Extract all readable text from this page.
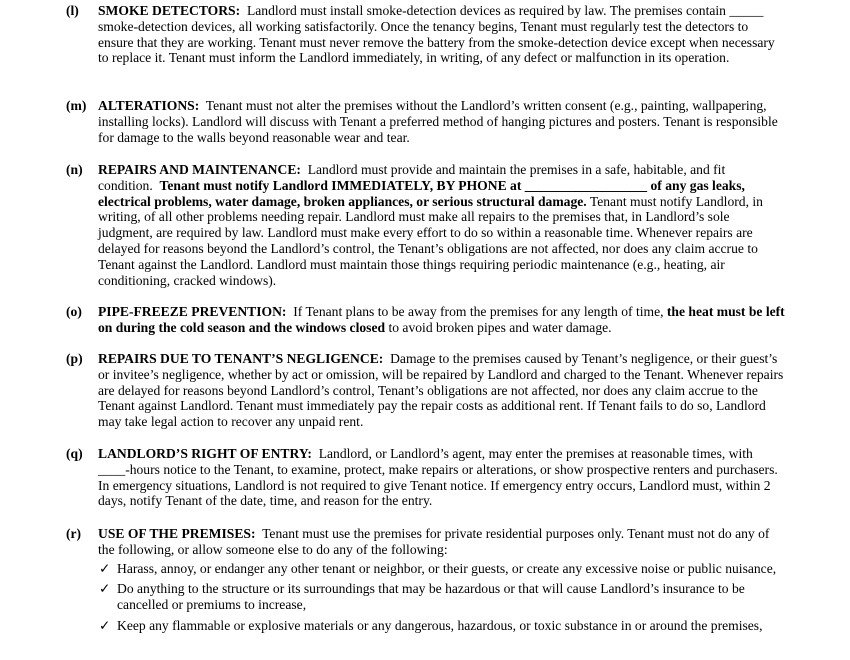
(l) SMOKE DETECTORS: Landlord must install smoke-detection devices as required by law. The premises contain _____ smoke-detection devices, all working satisfactorily. Once the tenancy begins, Tenant must regularly test the detectors to ensure that they are working. Tenant must never remove the battery from the smoke-detection device except when necessary to replace it. Tenant must inform the Landlord immediately, in writing, of any defect or malfunction in its operation.
(m) ALTERATIONS: Tenant must not alter the premises without the Landlord’s written consent (e.g., painting, wallpapering, installing locks). Landlord will discuss with Tenant a preferred method of hanging pictures and posters. Tenant is responsible for damage to the walls beyond reasonable wear and tear.
(n) REPAIRS AND MAINTENANCE: Landlord must provide and maintain the premises in a safe, habitable, and fit condition. Tenant must notify Landlord IMMEDIATELY, BY PHONE at __________________ of any gas leaks, electrical problems, water damage, broken appliances, or serious structural damage. Tenant must notify Landlord, in writing, of all other problems needing repair. Landlord must make all repairs to the premises that, in Landlord’s sole judgment, are required by law. Landlord must make every effort to do so within a reasonable time. Whenever repairs are delayed for reasons beyond the Landlord’s control, the Tenant’s obligations are not affected, nor does any claim accrue to Tenant against the Landlord. Landlord must maintain those things requiring periodic maintenance (e.g., heating, air conditioning, cracked windows).
(o) PIPE-FREEZE PREVENTION: If Tenant plans to be away from the premises for any length of time, the heat must be left on during the cold season and the windows closed to avoid broken pipes and water damage.
(p) REPAIRS DUE TO TENANT’S NEGLIGENCE: Damage to the premises caused by Tenant’s negligence, or their guest’s or invitee’s negligence, whether by act or omission, will be repaired by Landlord and charged to the Tenant. Whenever repairs are delayed for reasons beyond Landlord’s control, Tenant’s obligations are not affected, nor does any claim accrue to the Tenant against Landlord. Tenant must immediately pay the repair costs as additional rent. If Tenant fails to do so, Landlord may take legal action to recover any unpaid rent.
(q) LANDLORD’S RIGHT OF ENTRY: Landlord, or Landlord’s agent, may enter the premises at reasonable times, with ____-hours notice to the Tenant, to examine, protect, make repairs or alterations, or show prospective renters and purchasers. In emergency situations, Landlord is not required to give Tenant notice. If emergency entry occurs, Landlord must, within 2 days, notify Tenant of the date, time, and reason for the entry.
(r) USE OF THE PREMISES: Tenant must use the premises for private residential purposes only. Tenant must not do any of the following, or allow someone else to do any of the following:
✓ Harass, annoy, or endanger any other tenant or neighbor, or their guests, or create any excessive noise or public nuisance,
✓ Do anything to the structure or its surroundings that may be hazardous or that will cause Landlord’s insurance to be cancelled or premiums to increase,
✓ Keep any flammable or explosive materials or any dangerous, hazardous, or toxic substance in or around the premises,
